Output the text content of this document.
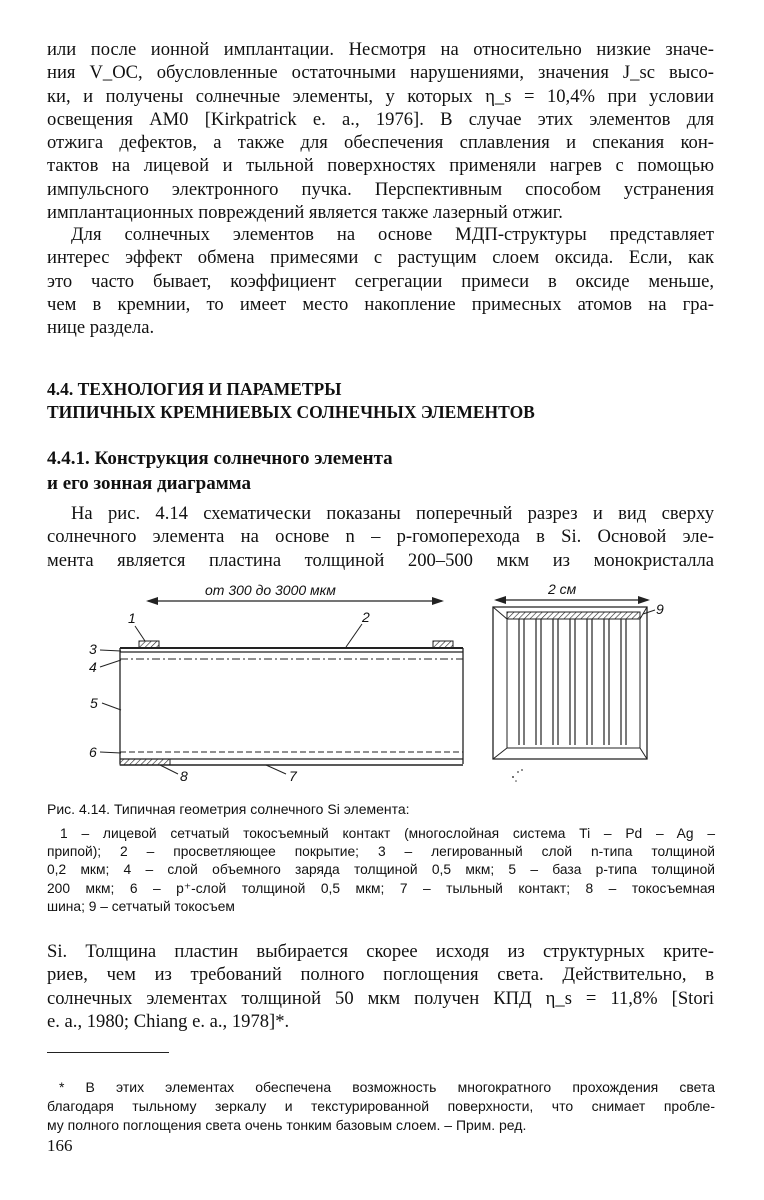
или после ионной имплантации. Несмотря на относительно низкие значе-
ния V_OC, обусловленные остаточными нарушениями, значения J_sc высо-
ки, и получены солнечные элементы, у которых η_s = 10,4% при условии
освещения АМ0 [Kirkpatrick e. a., 1976]. В случае этих элементов для
отжига дефектов, а также для обеспечения сплавления и спекания кон-
тактов на лицевой и тыльной поверхностях применяли нагрев с помощью
импульсного электронного пучка. Перспективным способом устранения
имплантационных повреждений является также лазерный отжиг.
Для солнечных элементов на основе МДП-структуры представляет
интерес эффект обмена примесями с растущим слоем оксида. Если, как
это часто бывает, коэффициент сегрегации примеси в оксиде меньше,
чем в кремнии, то имеет место накопление примесных атомов на гра-
нице раздела.
4.4. ТЕХНОЛОГИЯ И ПАРАМЕТРЫ
ТИПИЧНЫХ КРЕМНИЕВЫХ СОЛНЕЧНЫХ ЭЛЕМЕНТОВ
4.4.1. Конструкция солнечного элемента
и его зонная диаграмма
На рис. 4.14 схематически показаны поперечный разрез и вид сверху
солнечного элемента на основе n – p-гомоперехода в Si. Основой эле-
мента является пластина толщиной 200–500 мкм из монокристалла
от 300 до 3000 мкм
1	2
3
4
5
6
7
8
2 см
9
Рис. 4.14. Типичная геометрия солнечного Si элемента:
1 – лицевой сетчатый токосъемный контакт (многослойная система Ti – Pd – Ag –
припой); 2 – просветляющее покрытие; 3 – легированный слой n-типа толщиной
0,2 мкм; 4 – слой объемного заряда толщиной 0,5 мкм; 5 – база p-типа толщиной
200 мкм; 6 – p⁺-слой толщиной 0,5 мкм; 7 – тыльный контакт; 8 – токосъемная
шина; 9 – сетчатый токосъем
Si. Толщина пластин выбирается скорее исходя из структурных крите-
риев, чем из требований полного поглощения света. Действительно, в
солнечных элементах толщиной 50 мкм получен КПД η_s = 11,8% [Stori
e. a., 1980; Chiang e. a., 1978]*.
* В этих элементах обеспечена возможность многократного прохождения света
благодаря тыльному зеркалу и текстурированной поверхности, что снимает пробле-
му полного поглощения света очень тонким базовым слоем. – Прим. ред.
166
